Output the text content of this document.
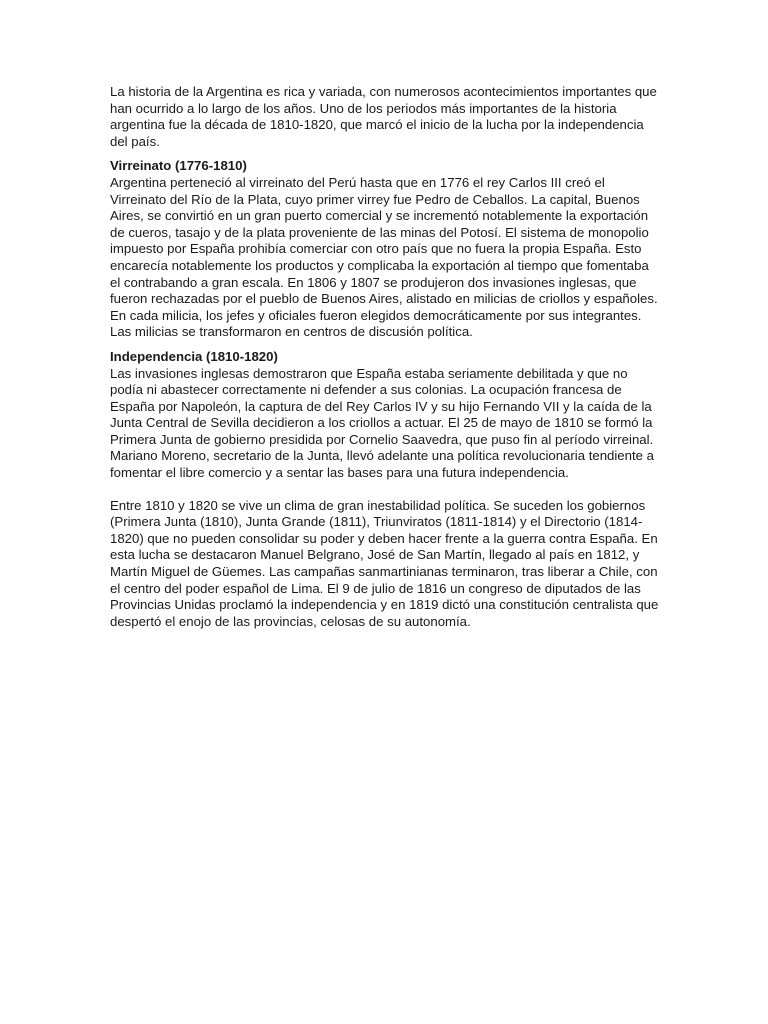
La historia de la Argentina es rica y variada, con numerosos acontecimientos importantes que han ocurrido a lo largo de los años. Uno de los periodos más importantes de la historia argentina fue la década de 1810-1820, que marcó el inicio de la lucha por la independencia del país.

Virreinato (1776-1810)

Argentina perteneció al virreinato del Perú hasta que en 1776 el rey Carlos III creó el Virreinato del Río de la Plata, cuyo primer virrey fue Pedro de Ceballos. La capital, Buenos Aires, se convirtió en un gran puerto comercial y se incrementó notablemente la exportación de cueros, tasajo y de la plata proveniente de las minas del Potosí. El sistema de monopolio impuesto por España prohibía comerciar con otro país que no fuera la propia España. Esto encarecía notablemente los productos y complicaba la exportación al tiempo que fomentaba el contrabando a gran escala. En 1806 y 1807 se produjeron dos invasiones inglesas, que fueron rechazadas por el pueblo de Buenos Aires, alistado en milicias de criollos y españoles. En cada milicia, los jefes y oficiales fueron elegidos democráticamente por sus integrantes. Las milicias se transformaron en centros de discusión política.

Independencia (1810-1820)

Las invasiones inglesas demostraron que España estaba seriamente debilitada y que no podía ni abastecer correctamente ni defender a sus colonias. La ocupación francesa de España por Napoleón, la captura de del Rey Carlos IV y su hijo Fernando VII y la caída de la Junta Central de Sevilla decidieron a los criollos a actuar. El 25 de mayo de 1810 se formó la Primera Junta de gobierno presidida por Cornelio Saavedra, que puso fin al período virreinal. Mariano Moreno, secretario de la Junta, llevó adelante una política revolucionaria tendiente a fomentar el libre comercio y a sentar las bases para una futura independencia.

Entre 1810 y 1820 se vive un clima de gran inestabilidad política. Se suceden los gobiernos (Primera Junta (1810), Junta Grande (1811), Triunviratos (1811-1814) y el Directorio (1814-1820) que no pueden consolidar su poder y deben hacer frente a la guerra contra España. En esta lucha se destacaron Manuel Belgrano, José de San Martín, llegado al país en 1812, y Martín Miguel de Güemes. Las campañas sanmartinianas terminaron, tras liberar a Chile, con el centro del poder español de Lima. El 9 de julio de 1816 un congreso de diputados de las Provincias Unidas proclamó la independencia y en 1819 dictó una constitución centralista que despertó el enojo de las provincias, celosas de su autonomía.
